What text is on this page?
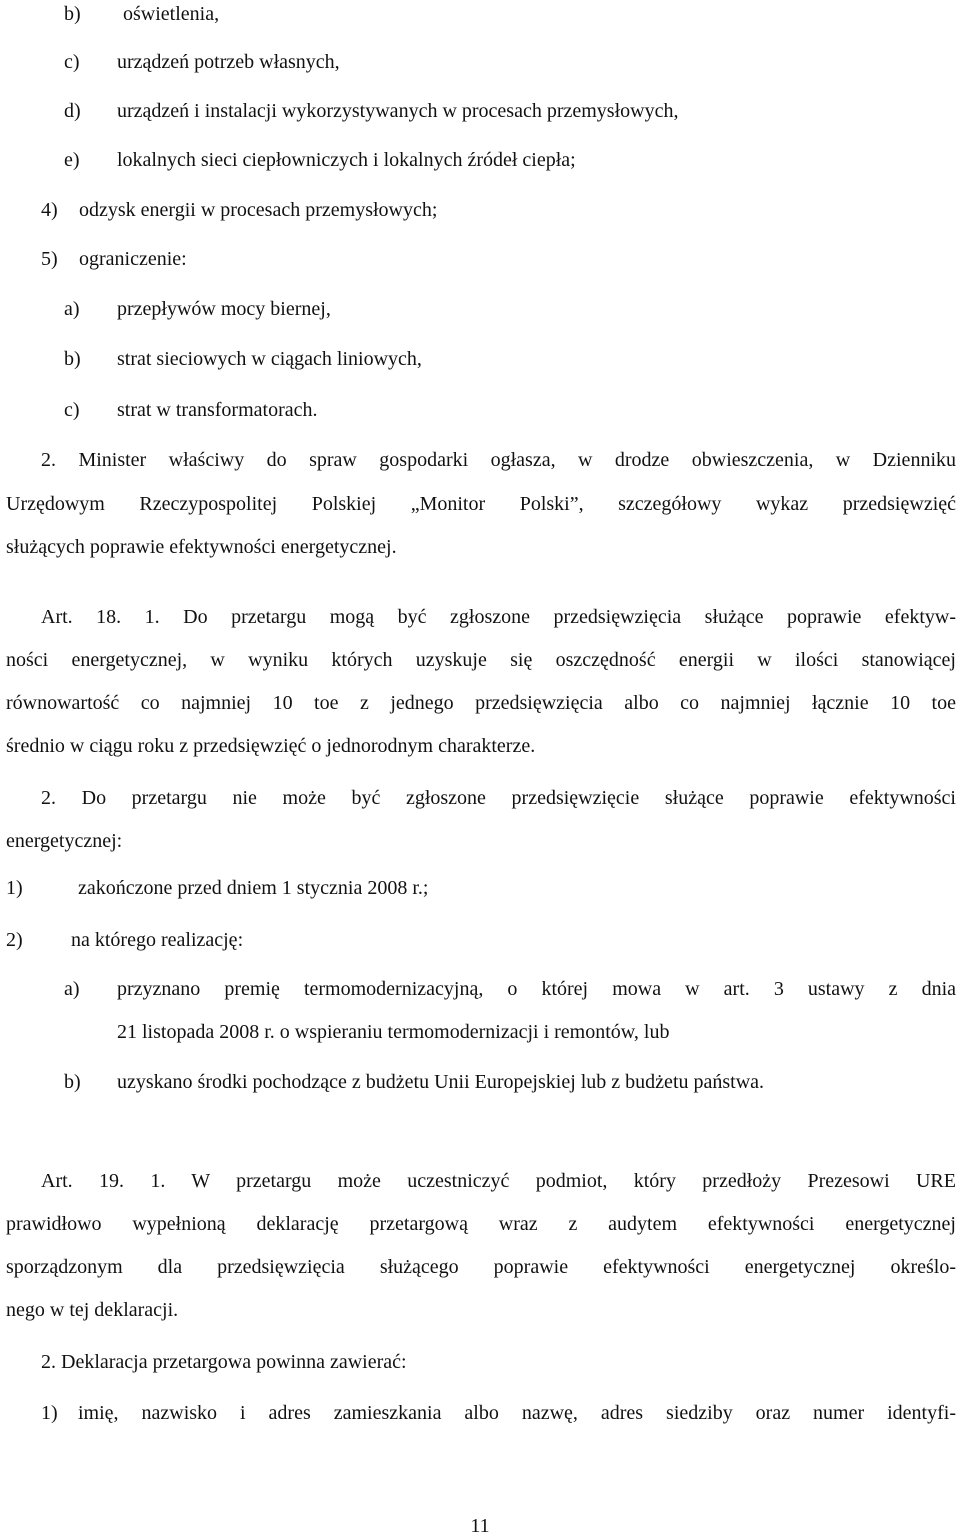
b) oświetlenia,
c) urządzeń potrzeb własnych,
d) urządzeń i instalacji wykorzystywanych w procesach przemysłowych,
e) lokalnych sieci ciepłowniczych i lokalnych źródeł ciepła;
4) odzysk energii w procesach przemysłowych;
5) ograniczenie:
a) przepływów mocy biernej,
b) strat sieciowych w ciągach liniowych,
c) strat w transformatorach.
2. Minister właściwy do spraw gospodarki ogłasza, w drodze obwieszczenia, w Dzienniku
Urzędowym Rzeczypospolitej Polskiej „Monitor Polski”, szczegółowy wykaz przedsięwzięć
służących poprawie efektywności energetycznej.
Art. 18. 1. Do przetargu mogą być zgłoszone przedsięwzięcia służące poprawie efektyw-
ności energetycznej, w wyniku których uzyskuje się oszczędność energii w ilości stanowiącej
równowartość co najmniej 10 toe z jednego przedsięwzięcia albo co najmniej łącznie 10 toe
średnio w ciągu roku z przedsięwzięć o jednorodnym charakterze.
2. Do przetargu nie może być zgłoszone przedsięwzięcie służące poprawie efektywności
energetycznej:
1)	zakończone przed dniem 1 stycznia 2008 r.;
2) na którego realizację:
a) przyznano premię termomodernizacyjną, o której mowa w art. 3 ustawy z dnia
21 listopada 2008 r. o wspieraniu termomodernizacji i remontów, lub
b) uzyskano środki pochodzące z budżetu Unii Europejskiej lub z budżetu państwa.
Art. 19. 1. W przetargu może uczestniczyć podmiot, który przedłoży Prezesowi URE
prawidłowo wypełnioną deklarację przetargową wraz z audytem efektywności energetycznej
sporządzonym dla przedsięwzięcia służącego poprawie efektywności energetycznej określo-
nego w tej deklaracji.
2. Deklaracja przetargowa powinna zawierać:
1) imię, nazwisko i adres zamieszkania albo nazwę, adres siedziby oraz numer identyfi-
11
